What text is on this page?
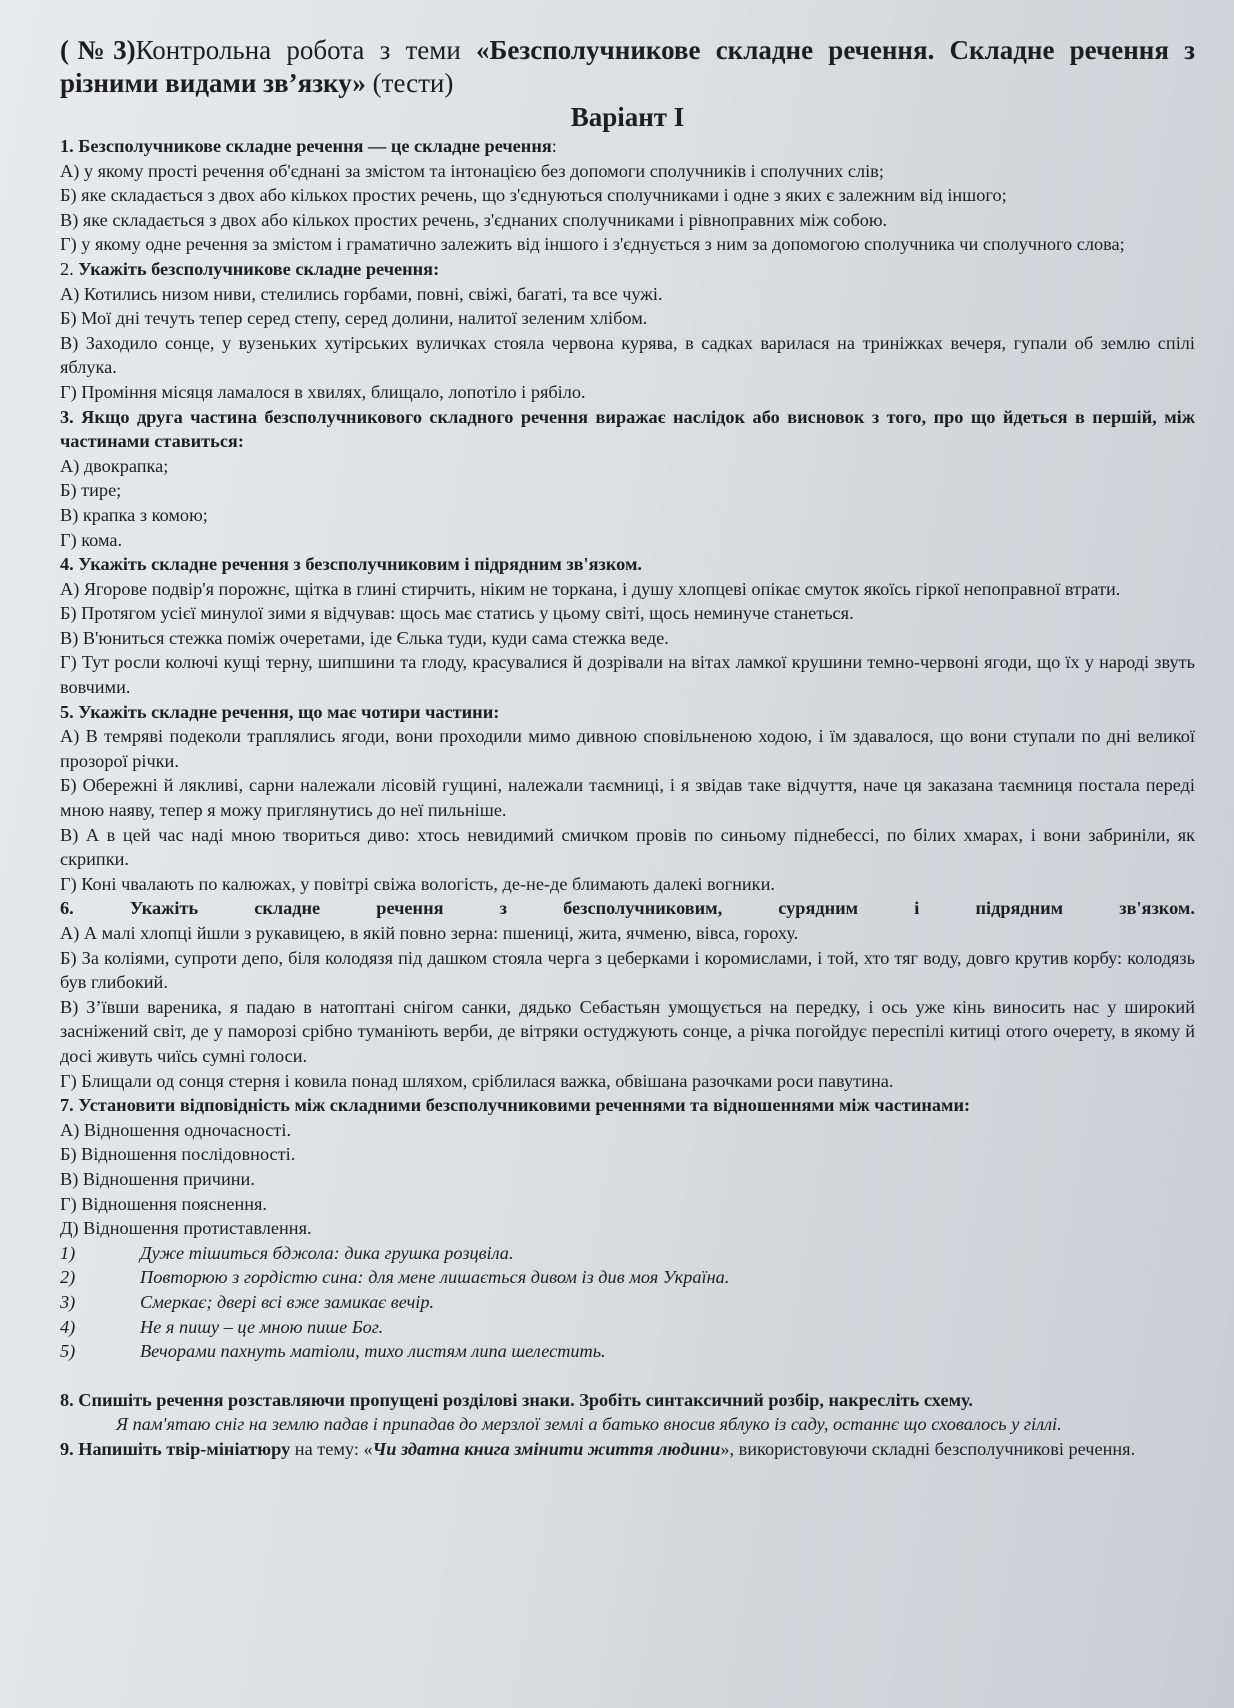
(№3)Контрольна робота з теми «Безсполучникове складне речення. Складне речення з різними видами зв’язку» (тести)

Варіант І
1. Безсполучникове складне речення — це складне речення:
А) у якому прості речення об'єднані за змістом та інтонацією без допомоги сполучників і сполучних слів;
Б) яке складається з двох або кількох простих речень, що з'єднуються сполучниками і одне з яких є залежним від іншого;
В) яке складається з двох або кількох простих речень, з'єднаних сполучниками і рівноправних між собою.
Г) у якому одне речення за змістом і граматично залежить від іншого і з'єднується з ним за допомогою сполучника чи сполучного слова;
2. Укажіть безсполучникове складне речення:
А) Котились низом ниви, стелились горбами, повні, свіжі, багаті, та все чужі.
Б) Мої дні течуть тепер серед степу, серед долини, налитої зеленим хлібом.
В) Заходило сонце, у вузеньких хутірських вуличках стояла червона курява, в садках варилася на триніжках вечеря, гупали об землю спілі яблука.
Г) Проміння місяця ламалося в хвилях, блищало, лопотіло і рябіло.
3. Якщо друга частина безсполучникового складного речення виражає наслідок або висновок з того, про що йдеться в першій, між частинами ставиться:
А) двокрапка;
Б) тире;
В) крапка з комою;
Г) кома.
4. Укажіть складне речення з безсполучниковим і підрядним зв'язком.
А) Ягорове подвір'я порожнє, щітка в глині стирчить, ніким не торкана, і душу хлопцеві опікає смуток якоїсь гіркої непоправної втрати.
Б) Протягом усієї минулої зими я відчував: щось має статись у цьому світі, щось неминуче станеться.
В) В'юниться стежка поміж очеретами, іде Єлька туди, куди сама стежка веде.
Г) Тут росли колючі кущі терну, шипшини та глоду, красувалися й дозрівали на вітах ламкої крушини темно-червоні ягоди, що їх у народі звуть вовчими.
5. Укажіть складне речення, що має чотири частини:
А) В темряві подеколи траплялись ягоди, вони проходили мимо дивною сповільненою ходою, і їм здавалося, що вони ступали по дні великої прозорої річки.
Б) Обережні й лякливі, сарни належали лісовій гущині, належали таємниці, і я звідав таке відчуття, наче ця заказана таємниця постала переді мною наяву, тепер я можу приглянутись до неї пильніше.
В) А в цей час наді мною твориться диво: хтось невидимий смичком провів по синьому піднебессі, по білих хмарах, і вони забриніли, як скрипки.
Г) Коні чвалають по калюжах, у повітрі свіжа вологість, де-не-де блимають далекі вогники.
6.	Укажіть	складне	речення	з	безсполучниковим,	сурядним	і	підрядним	зв'язком.
А) А малі хлопці йшли з рукавицею, в якій повно зерна: пшениці, жита, ячменю, вівса, гороху.
Б) За коліями, супроти депо, біля колодязя під дашком стояла черга з цеберками і коромислами, і той, хто тяг воду, довго крутив корбу: колодязь був глибокий.
В) З’ївши вареника, я падаю в натоптані снігом санки, дядько Себастьян умощується на передку, і ось уже кінь виносить нас у широкий засніжений світ, де у паморозі срібно туманіють верби, де вітряки остуджують сонце, а річка погойдує переспілі китиці отого очерету, в якому й досі живуть чиїсь сумні голоси.
Г) Блищали од сонця стерня і ковила понад шляхом, сріблилася важка, обвішана разочками роси павутина.
7. Установити відповідність між складними безсполучниковими реченнями та відношеннями між частинами:
А) Відношення одночасності.
Б) Відношення послідовності.
В) Відношення причини.
Г) Відношення пояснення.
Д) Відношення протиставлення.
1)	Дуже тішиться бджола: дика грушка розцвіла.
2)	Повторюю з гордістю сина: для мене лишається дивом із див моя Україна.
3)	Смеркає; двері всі вже замикає вечір.
4)	Не я пишу – це мною пише Бог.
5)	Вечорами пахнуть матіоли, тихо листям липа шелестить.
8. Спишіть речення розставляючи пропущені розділові знаки. Зробіть синтаксичний розбір, накресліть схему.
Я пам'ятаю сніг на землю падав і припадав до мерзлої землі а батько вносив яблуко із саду, останнє що сховалось у гіллі.
9. Напишіть твір-мініатюру на тему: «Чи здатна книга змінити життя людини», використовуючи складні безсполучникові речення.
